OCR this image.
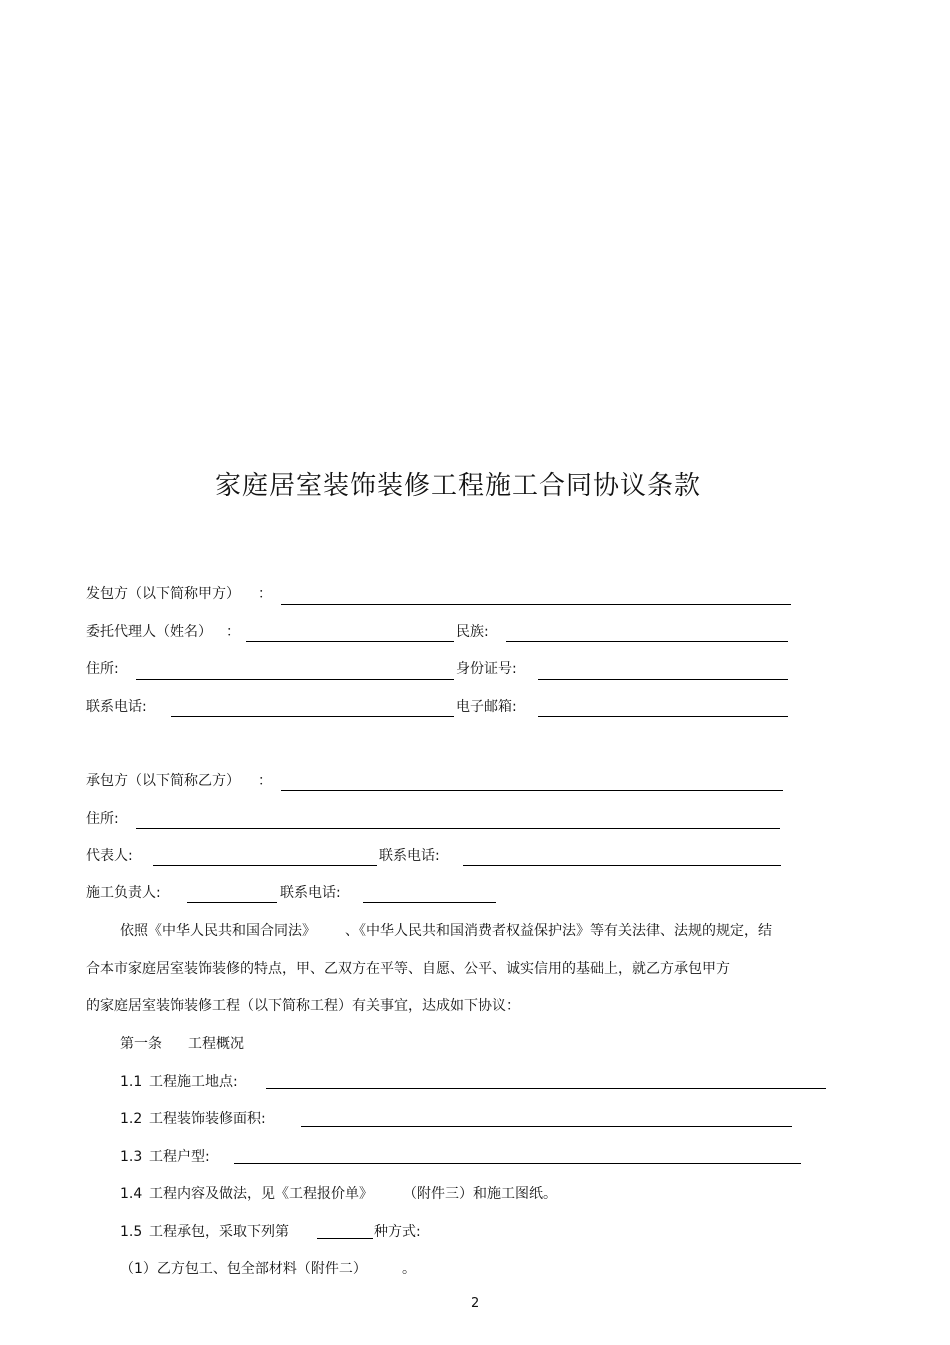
家庭居室装饰装修工程施工合同协议条款
发包方（以下简称甲方） ：
委托代理人（姓名） ：	民族:
住所:	身份证号:
联系电话:	电子邮箱:
承包方（以下简称乙方） ：
住所:
代表人:	联系电话:
施工负责人:	联系电话:
依照《中华人民共和国合同法》 、《中华人民共和国消费者权益保护法》等有关法律、法规的规定，结
合本市家庭居室装饰装修的特点，甲、乙双方在平等、自愿、公平、诚实信用的基础上，就乙方承包甲方
的家庭居室装饰装修工程（以下简称工程）有关事宜，达成如下协议：
第一条 工程概况
1.1 工程施工地点:
1.2 工程装饰装修面积:
1.3 工程户型:
1.4 工程内容及做法，见《工程报价单》 （附件三）和施工图纸。
1.5 工程承包，采取下列第	种方式:
（1）乙方包工、包全部材料（附件二）	。
2
